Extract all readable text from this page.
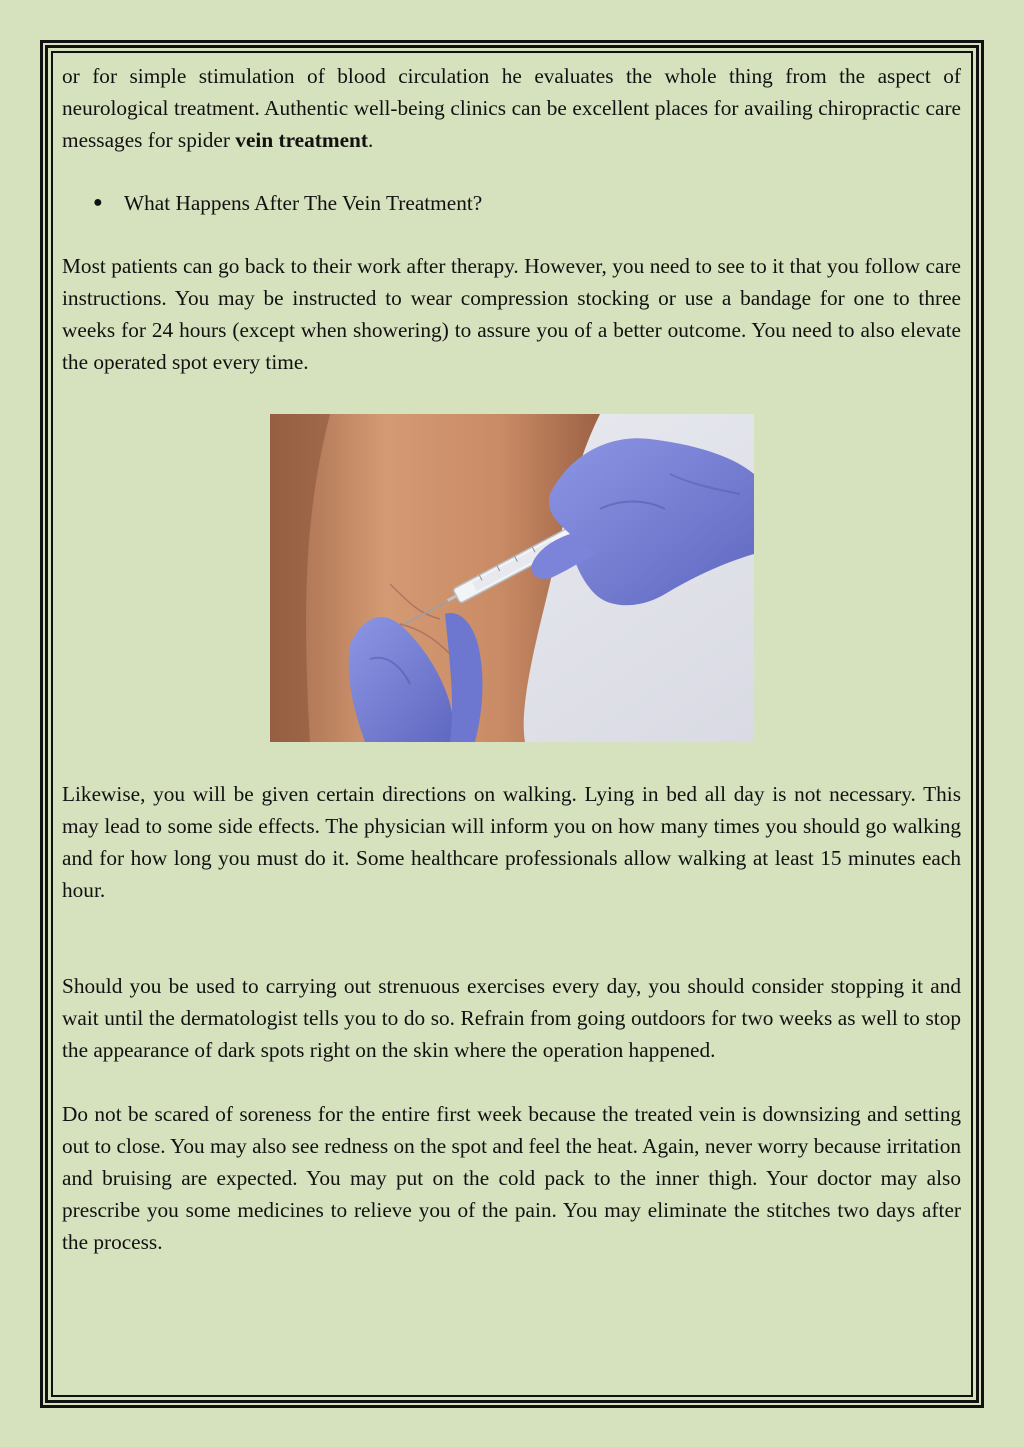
or for simple stimulation of blood circulation he evaluates the whole thing from the aspect of neurological treatment. Authentic well-being clinics can be excellent places for availing chiropractic care messages for spider vein treatment.

● What Happens After The Vein Treatment?

Most patients can go back to their work after therapy. However, you need to see to it that you follow care instructions. You may be instructed to wear compression stocking or use a bandage for one to three weeks for 24 hours (except when showering) to assure you of a better outcome. You need to also elevate the operated spot every time.

Likewise, you will be given certain directions on walking. Lying in bed all day is not necessary. This may lead to some side effects. The physician will inform you on how many times you should go walking and for how long you must do it. Some healthcare professionals allow walking at least 15 minutes each hour.

Should you be used to carrying out strenuous exercises every day, you should consider stopping it and wait until the dermatologist tells you to do so. Refrain from going outdoors for two weeks as well to stop the appearance of dark spots right on the skin where the operation happened.

Do not be scared of soreness for the entire first week because the treated vein is downsizing and setting out to close. You may also see redness on the spot and feel the heat. Again, never worry because irritation and bruising are expected. You may put on the cold pack to the inner thigh. Your doctor may also prescribe you some medicines to relieve you of the pain. You may eliminate the stitches two days after the process.
